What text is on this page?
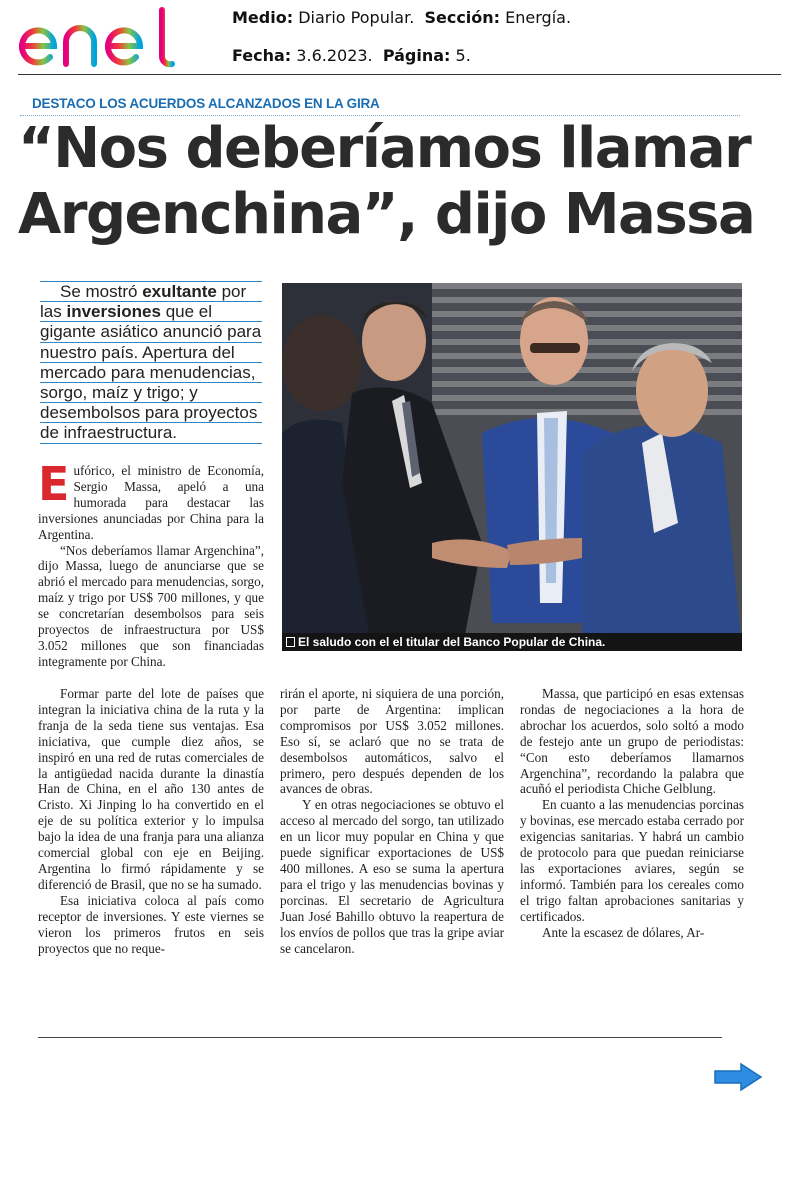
Medio: Diario Popular. Sección: Energía.
Fecha: 3.6.2023. Página: 5.
DESTACO LOS ACUERDOS ALCANZADOS EN LA GIRA
“Nos deberíamos llamar
Argenchina”, dijo Massa
Se mostró exultante por
las inversiones que el
gigante asiático anunció para
nuestro país. Apertura del
mercado para menudencias,
sorgo, maíz y trigo; y
desembolsos para proyectos
de infraestructura.
El saludo con el el titular del Banco Popular de China.

Eufórico, el ministro de Economía, Sergio Massa, apeló a una humorada para destacar las inversiones anunciadas por China para la Argentina.

“Nos deberíamos llamar Argenchina”, dijo Massa, luego de anunciarse que se abrió el mercado para menudencias, sorgo, maíz y trigo por US$ 700 millones, y que se concretarían desembolsos para seis proyectos de infraestructura por US$ 3.052 millones que son financiadas integramente por China.

Formar parte del lote de países que integran la iniciativa china de la ruta y la franja de la seda tiene sus ventajas. Esa iniciativa, que cumple diez años, se inspiró en una red de rutas comerciales de la antigüedad nacida durante la dinastía Han de China, en el año 130 antes de Cristo. Xi Jinping lo ha convertido en el eje de su política exterior y lo impulsa bajo la idea de una franja para una alianza comercial global con eje en Beijing. Argentina lo firmó rápidamente y se diferenció de Brasil, que no se ha sumado.

Esa iniciativa coloca al país como receptor de inversiones. Y este viernes se vieron los primeros frutos en seis proyectos que no reque-

rirán el aporte, ni siquiera de una porción, por parte de Argentina: implican compromisos por US$ 3.052 millones. Eso sí, se aclaró que no se trata de desembolsos automáticos, salvo el primero, pero después dependen de los avances de obras.

Y en otras negociaciones se obtuvo el acceso al mercado del sorgo, tan utilizado en un licor muy popular en China y que puede significar exportaciones de US$ 400 millones. A eso se suma la apertura para el trigo y las menudencias bovinas y porcinas. El secretario de Agricultura Juan José Bahillo obtuvo la reapertura de los envíos de pollos que tras la gripe aviar se cancelaron.

Massa, que participó en esas extensas rondas de negociaciones a la hora de abrochar los acuerdos, solo soltó a modo de festejo ante un grupo de periodistas: “Con esto deberíamos llamarnos Argenchina”, recordando la palabra que acuñó el periodista Chiche Gelblung.

En cuanto a las menudencias porcinas y bovinas, ese mercado estaba cerrado por exigencias sanitarias. Y habrá un cambio de protocolo para que puedan reiniciarse las exportaciones aviares, según se informó. También para los cereales como el trigo faltan aprobaciones sanitarias y certificados.

Ante la escasez de dólares, Ar-
